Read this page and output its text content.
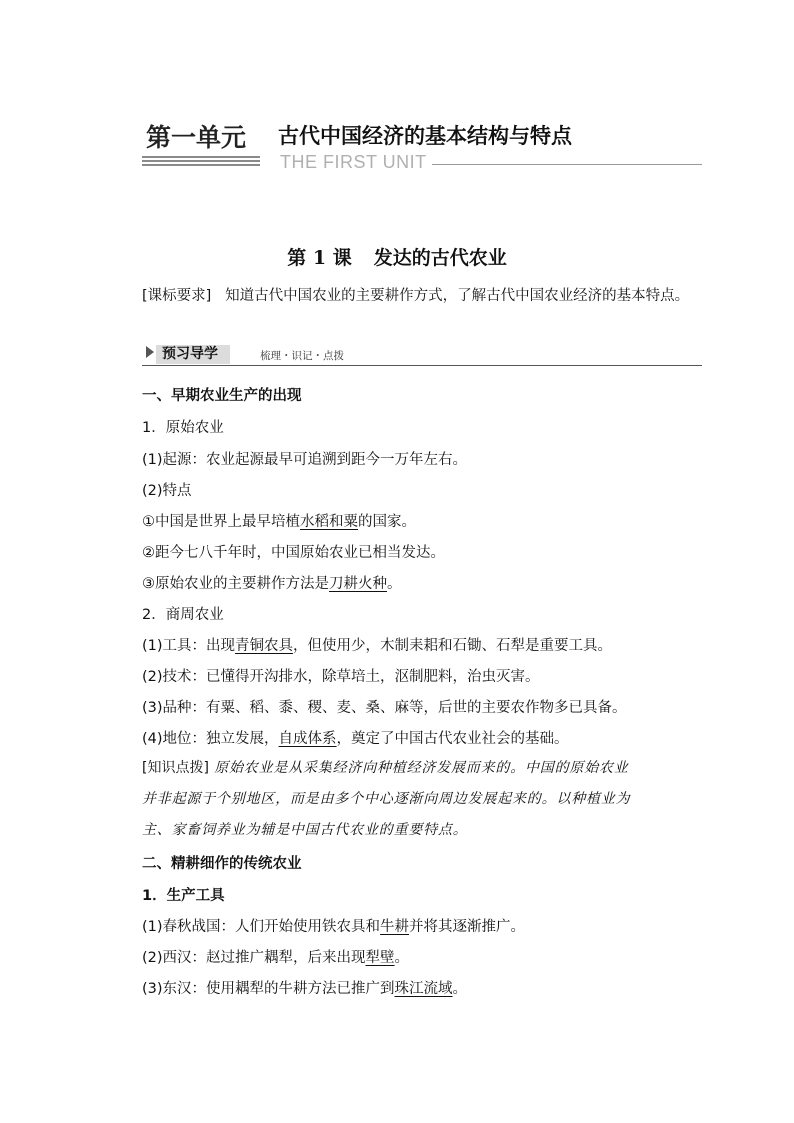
第一单元 古代中国经济的基本结构与特点
THE FIRST UNIT
第 1 课 发达的古代农业
[课标要求] 知道古代中国农业的主要耕作方式，了解古代中国农业经济的基本特点。
预习导学	梳理・识记・点拨
一、早期农业生产的出现
1．原始农业
(1)起源：农业起源最早可追溯到距今一万年左右。
(2)特点
①中国是世界上最早培植水稻和粟的国家。
②距今七八千年时，中国原始农业已相当发达。
③原始农业的主要耕作方法是刀耕火种。
2．商周农业
(1)工具：出现青铜农具，但使用少，木制耒耜和石锄、石犁是重要工具。
(2)技术：已懂得开沟排水，除草培土，沤制肥料，治虫灭害。
(3)品种：有粟、稻、黍、稷、麦、桑、麻等，后世的主要农作物多已具备。
(4)地位：独立发展，自成体系，奠定了中国古代农业社会的基础。
[知识点拨] 原始农业是从采集经济向种植经济发展而来的。中国的原始农业
并非起源于个别地区，而是由多个中心逐渐向周边发展起来的。以种植业为
主、家畜饲养业为辅是中国古代农业的重要特点。
二、精耕细作的传统农业
1．生产工具
(1)春秋战国：人们开始使用铁农具和牛耕并将其逐渐推广。
(2)西汉：赵过推广耦犁，后来出现犁壁。
(3)东汉：使用耦犁的牛耕方法已推广到珠江流域。
